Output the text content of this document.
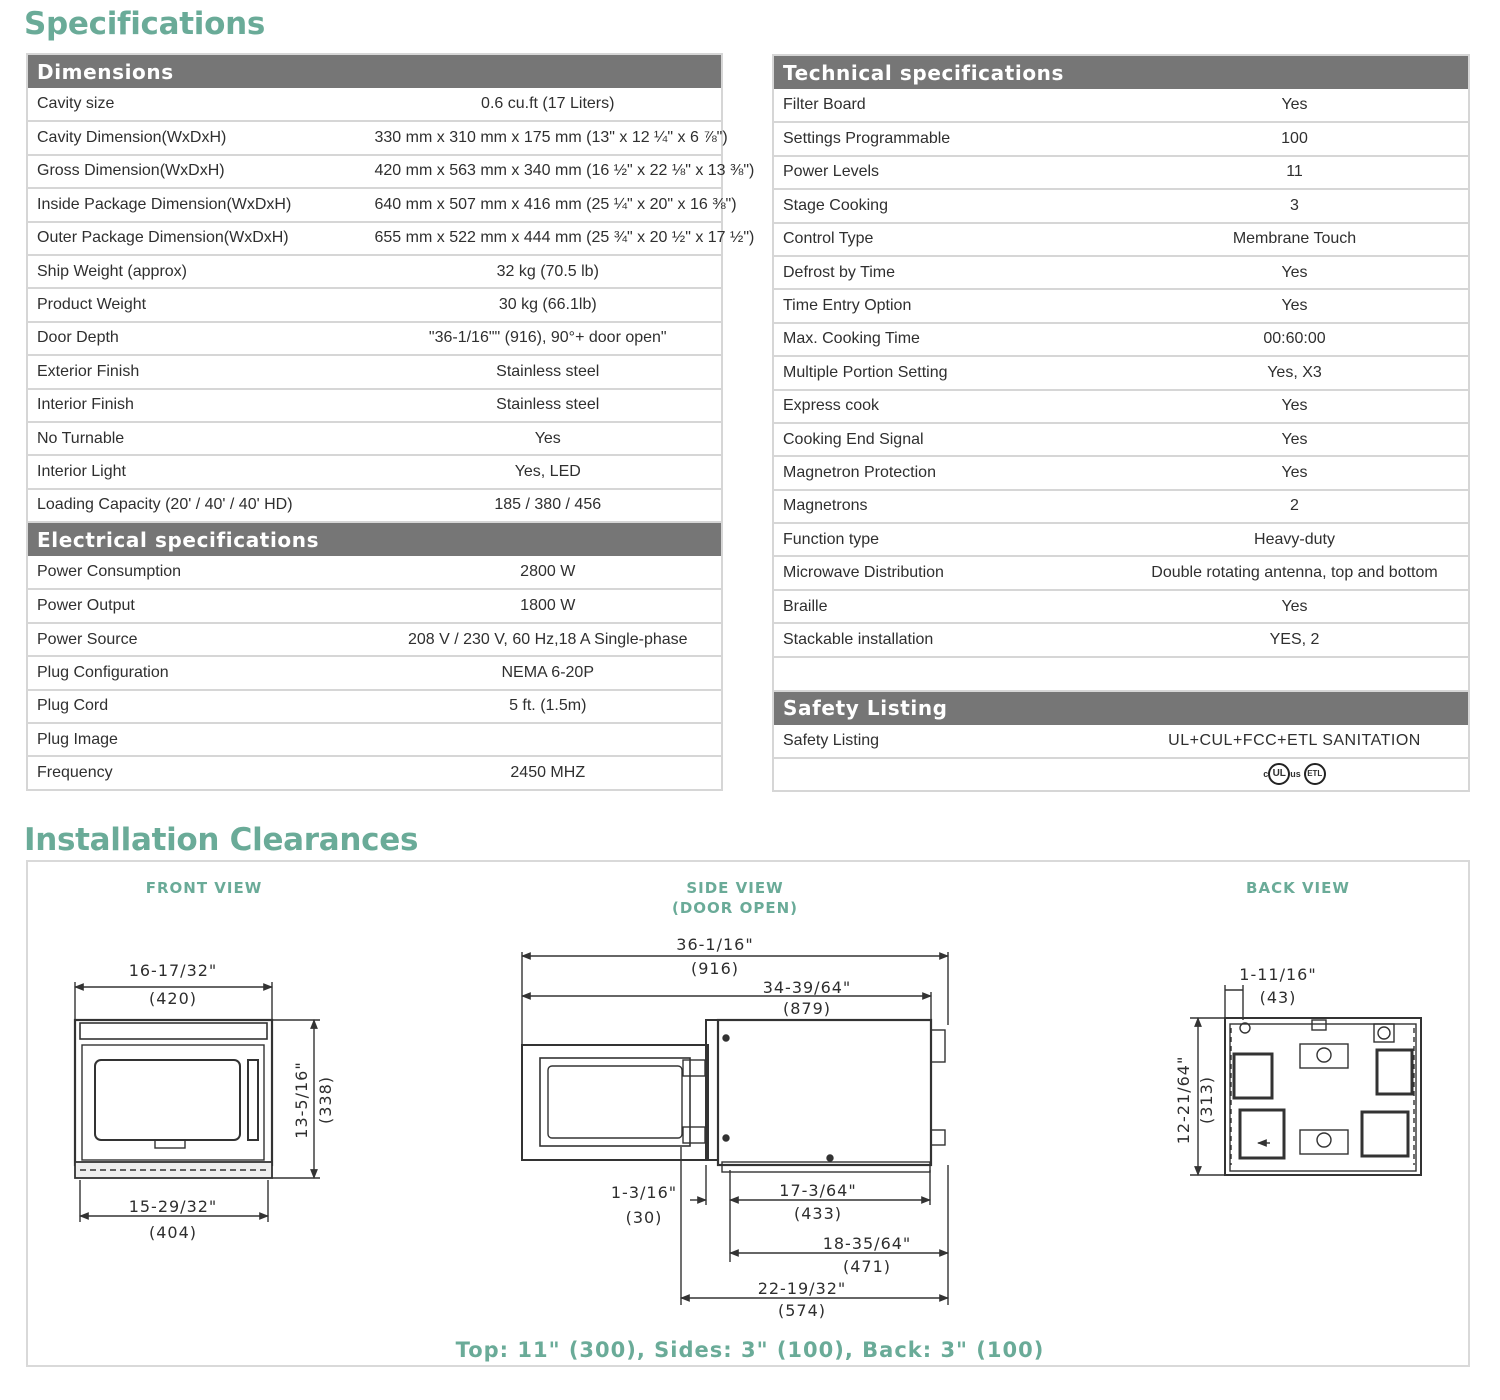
Specifications
Dimensions	
Cavity size	0.6 cu.ft (17 Liters)
Cavity Dimension(WxDxH)	330 mm x 310 mm x 175 mm (13" x 12 ¼" x 6 ⅞")
Gross Dimension(WxDxH)	420 mm x 563 mm x 340 mm (16 ½" x 22 ⅛" x 13 ⅜")
Inside Package Dimension(WxDxH)	640 mm x 507 mm x 416 mm (25 ¼" x 20" x 16 ⅜")
Outer Package Dimension(WxDxH)	655 mm x 522 mm x 444 mm (25 ¾" x 20 ½" x 17 ½")
Ship Weight (approx)	32 kg (70.5 lb)
Product Weight	30 kg (66.1lb)
Door Depth	"36-1/16"" (916), 90°+ door open"
Exterior Finish	Stainless steel
Interior Finish	Stainless steel
No Turnable	Yes
Interior Light	Yes, LED
Loading Capacity (20' / 40' / 40' HD)	185 / 380 / 456
Electrical specifications	
Power Consumption	2800 W
Power Output	1800 W
Power Source	208 V / 230 V, 60 Hz,18 A Single-phase
Plug Configuration	NEMA 6-20P
Plug Cord	5 ft. (1.5m)
Plug Image	
Frequency	2450 MHZ
Technical specifications	
Filter Board	Yes
Settings Programmable	100
Power Levels	11
Stage Cooking	3
Control Type	Membrane Touch
Defrost by Time	Yes
Time Entry Option	Yes
Max. Cooking Time	00:60:00
Multiple Portion Setting	Yes, X3
Express cook	Yes
Cooking End Signal	Yes
Magnetron Protection	Yes
Magnetrons	2
Function type	Heavy-duty
Microwave Distribution	Double rotating antenna, top and bottom
Braille	Yes
Stackable installation	YES, 2

Safety Listing	
Safety Listing	UL+CUL+FCC+ETL SANITATION

	c UL us ETL
Installation Clearances
FRONT VIEW	SIDE VIEW
(DOOR OPEN)
BACK VIEW
16-17/32"
(420)
15-29/32"
(404)
13-5/16" (338)
36-1/16"
(916)
34-39/64"
(879)
1-3/16"
(30)
17-3/64"
(433)
18-35/64"
(471)
22-19/32"
(574)
1-11/16"
(43)
12-21/64" (313)
Top: 11" (300), Sides: 3" (100), Back: 3" (100)
